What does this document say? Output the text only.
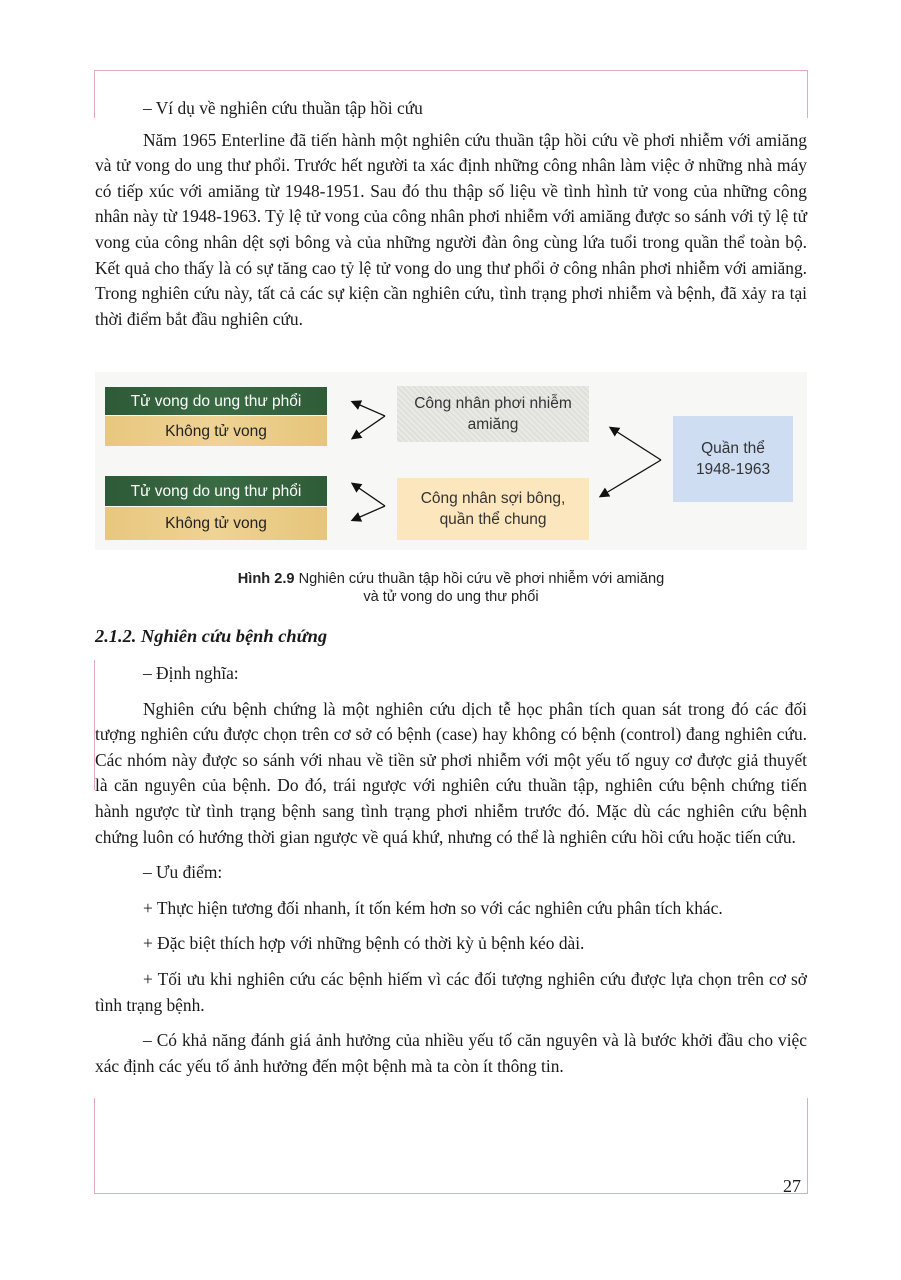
– Ví dụ về nghiên cứu thuần tập hồi cứu

Năm 1965 Enterline đã tiến hành một nghiên cứu thuần tập hồi cứu về phơi nhiễm với amiăng và tử vong do ung thư phổi. Trước hết người ta xác định những công nhân làm việc ở những nhà máy có tiếp xúc với amiăng từ 1948-1951. Sau đó thu thập số liệu về tình hình tử vong của những công nhân này từ 1948-1963. Tỷ lệ tử vong của công nhân phơi nhiễm với amiăng được so sánh với tỷ lệ tử vong của công nhân dệt sợi bông và của những người đàn ông cùng lứa tuổi trong quần thể toàn bộ. Kết quả cho thấy là có sự tăng cao tỷ lệ tử vong do ung thư phổi ở công nhân phơi nhiễm với amiăng. Trong nghiên cứu này, tất cả các sự kiện cần nghiên cứu, tình trạng phơi nhiễm và bệnh, đã xảy ra tại thời điểm bắt đầu nghiên cứu.

Tử vong do ung thư phổi
Không tử vong
Tử vong do ung thư phổi
Không tử vong
Công nhân phơi nhiễm amiăng
Công nhân sợi bông, quần thể chung
Quần thể 1948-1963
Hình 2.9 Nghiên cứu thuần tập hồi cứu về phơi nhiễm với amiăng
và tử vong do ung thư phổi
2.1.2. Nghiên cứu bệnh chứng

– Định nghĩa:

Nghiên cứu bệnh chứng là một nghiên cứu dịch tễ học phân tích quan sát trong đó các đối tượng nghiên cứu được chọn trên cơ sở có bệnh (case) hay không có bệnh (control) đang nghiên cứu. Các nhóm này được so sánh với nhau về tiền sử phơi nhiễm với một yếu tố nguy cơ được giả thuyết là căn nguyên của bệnh. Do đó, trái ngược với nghiên cứu thuần tập, nghiên cứu bệnh chứng tiến hành ngược từ tình trạng bệnh sang tình trạng phơi nhiễm trước đó. Mặc dù các nghiên cứu bệnh chứng luôn có hướng thời gian ngược về quá khứ, nhưng có thể là nghiên cứu hồi cứu hoặc tiến cứu.

– Ưu điểm:

+ Thực hiện tương đối nhanh, ít tốn kém hơn so với các nghiên cứu phân tích khác.

+ Đặc biệt thích hợp với những bệnh có thời kỳ ủ bệnh kéo dài.

+ Tối ưu khi nghiên cứu các bệnh hiếm vì các đối tượng nghiên cứu được lựa chọn trên cơ sở tình trạng bệnh.

– Có khả năng đánh giá ảnh hưởng của nhiều yếu tố căn nguyên và là bước khởi đầu cho việc xác định các yếu tố ảnh hưởng đến một bệnh mà ta còn ít thông tin.

27
